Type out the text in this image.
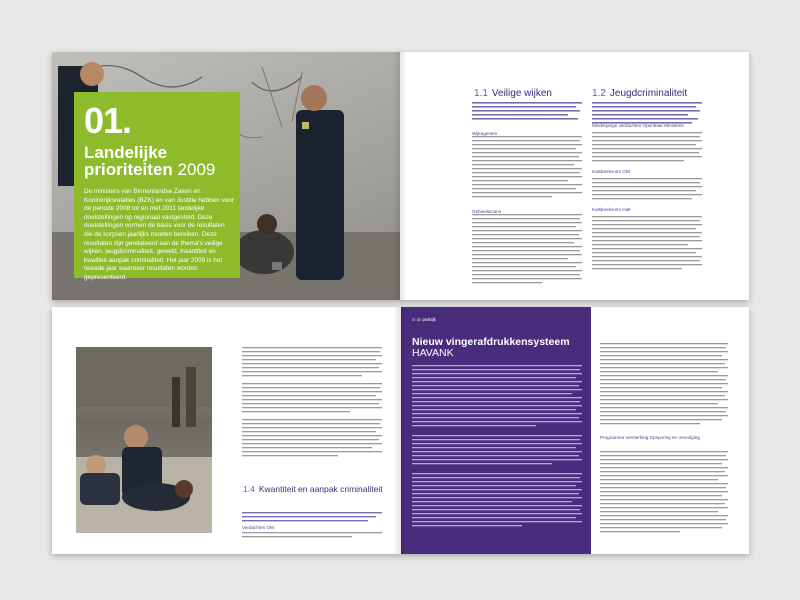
01.
Landelijke prioriteiten 2009
De ministers van Binnenlandse Zaken en Koninkrijksrelaties (BZK) en van Justitie hebben voor de periode 2008 tot en met 2011 landelijke doelstellingen op regionaal vastgesteld. Deze doelstellingen vormen de basis voor de resultaten die de korpsen jaarlijks moeten bereiken. Deze resultaten zijn gerelateerd aan de thema's veilige wijken, jeugdcriminaliteit, geweld, kwantiteit en kwaliteit aanpak criminaliteit. Het jaar 2009 is het tweede jaar waarover resultaten worden gepresenteerd.
1.1 Veilige wijken	1.2 Jeugdcriminaliteit
Wijkagenten
Gebiedsscans
Minderjarige verdachten Openbaar Ministerie
Kalsbeekvorm OM
Kalsbeekvorm Halt
1.4 Kwantiteit en aanpak criminaliteit
Verdachten OM
In de praktijk
Nieuw vingerafdrukkensysteem
HAVANK
Programma Versterking Opsporing en Vervolging
